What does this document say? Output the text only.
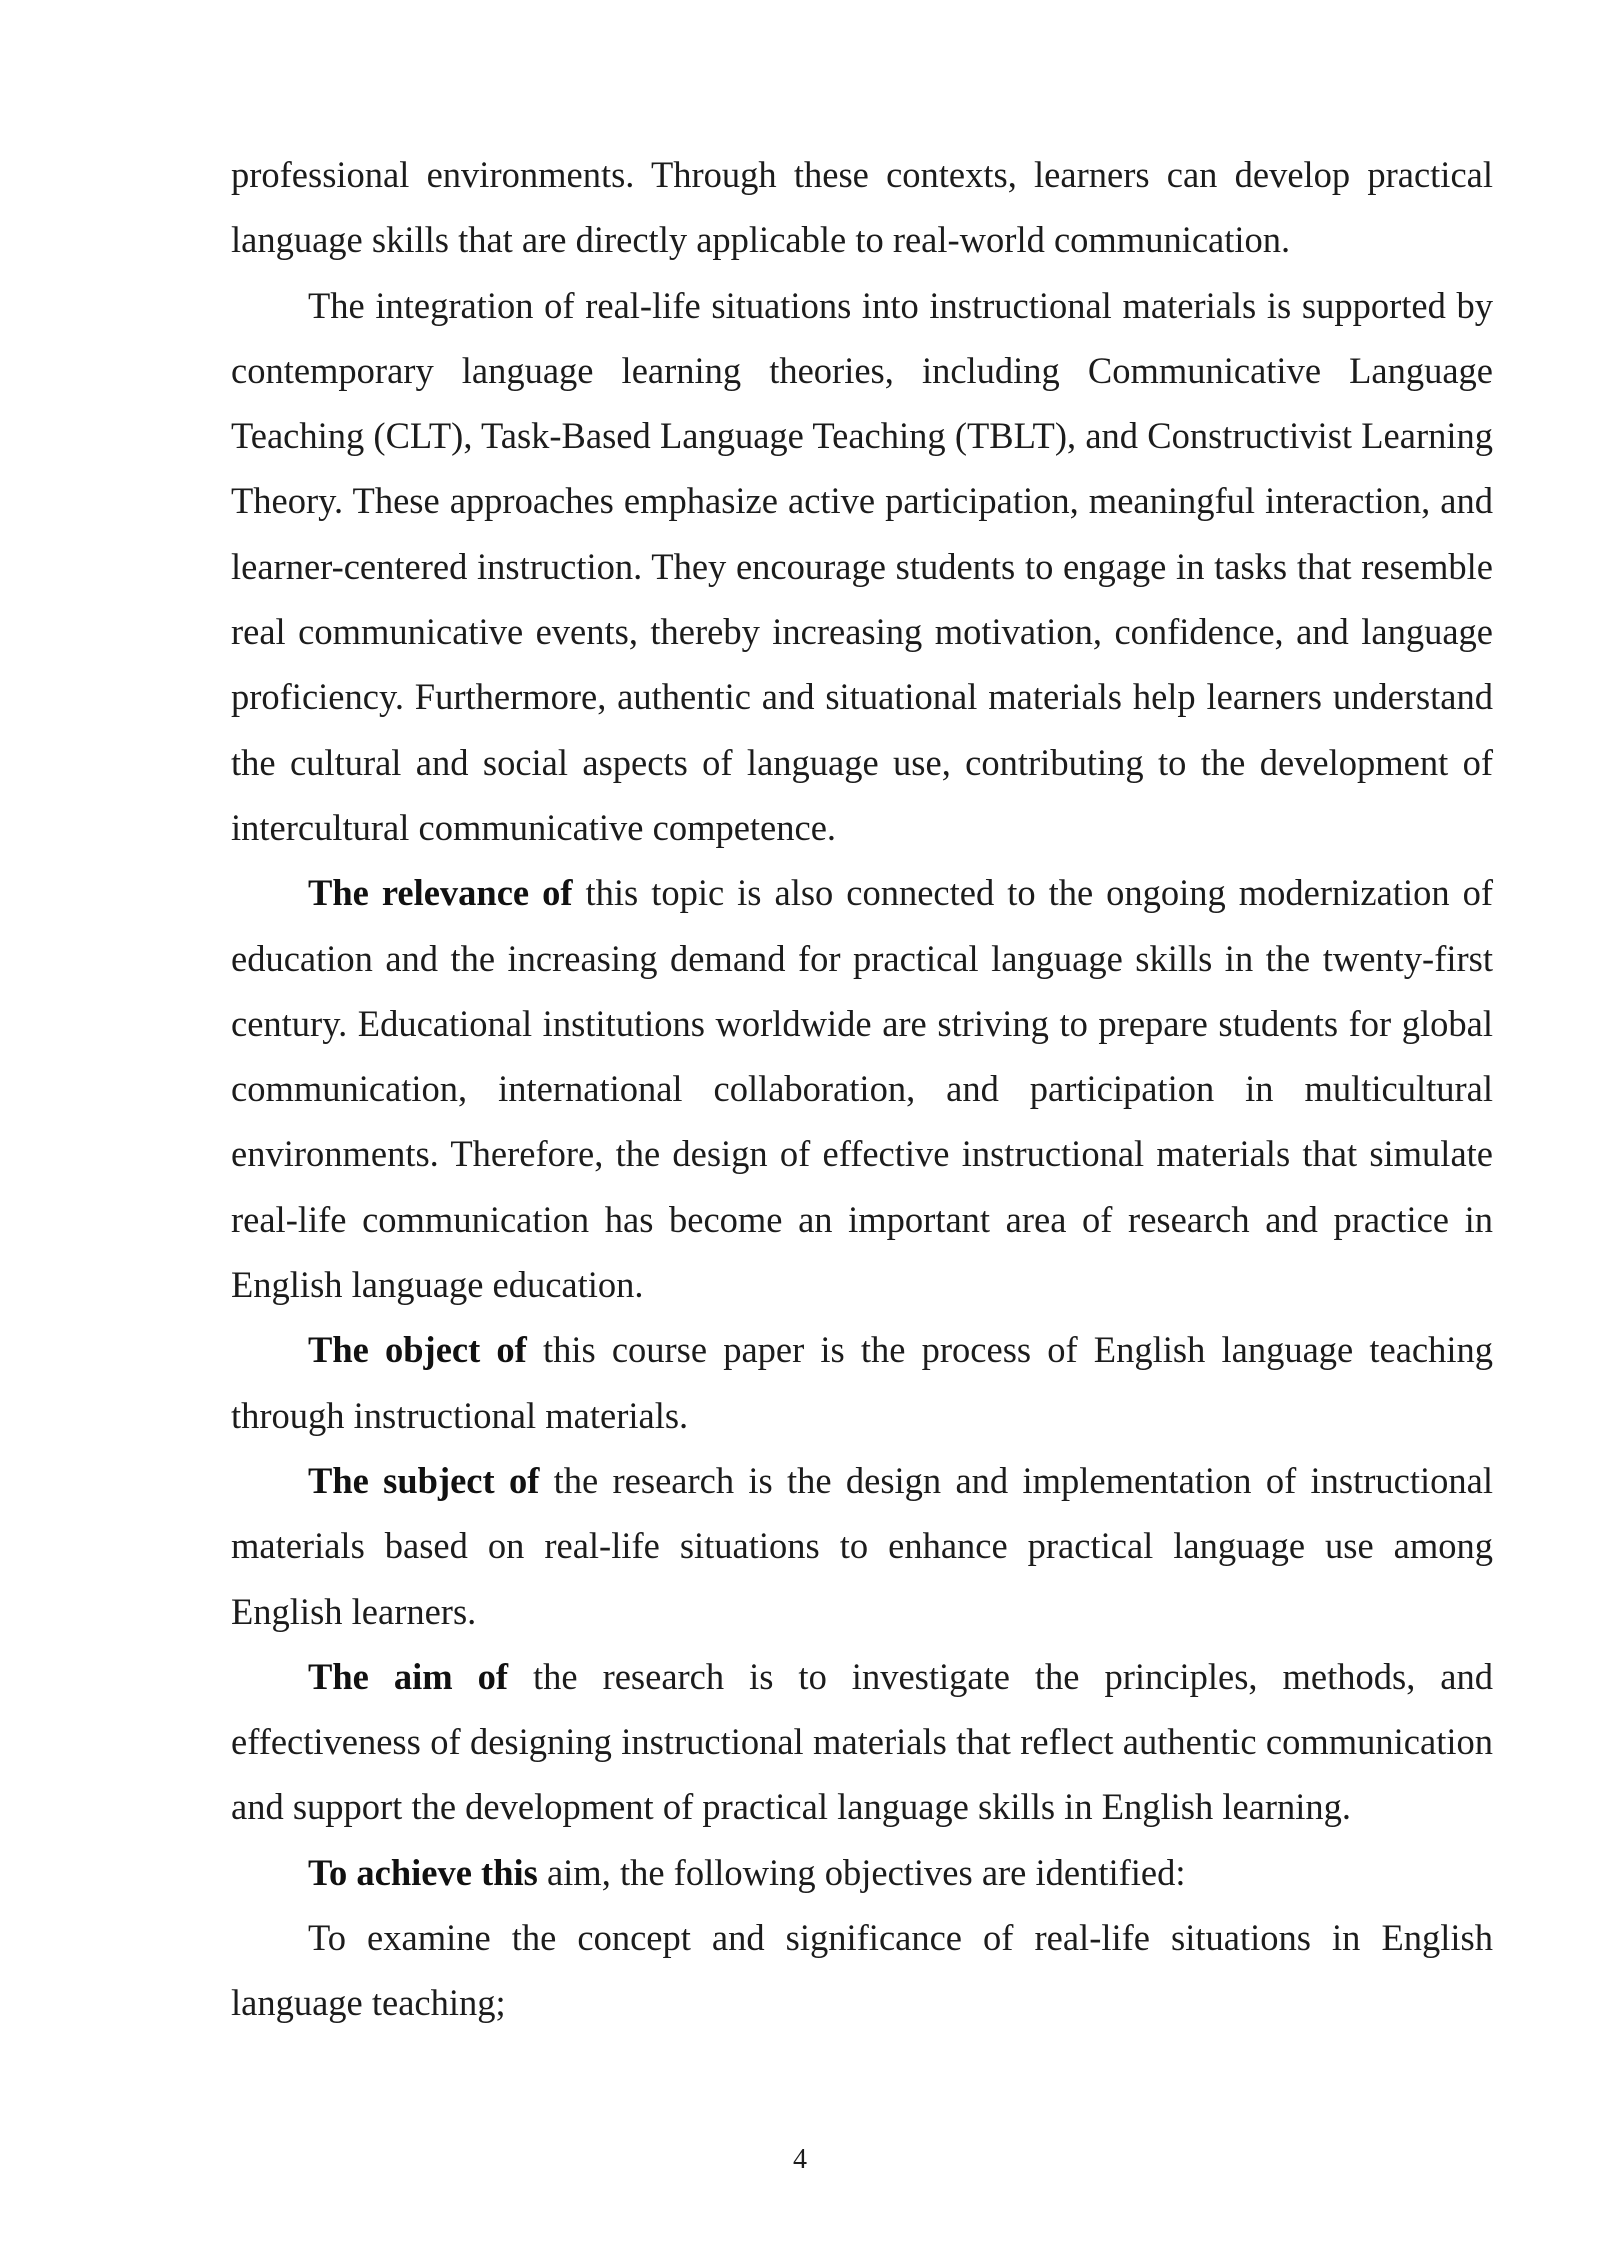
professional environments. Through these contexts, learners can develop practical language skills that are directly applicable to real-world communication.

The integration of real-life situations into instructional materials is supported by contemporary language learning theories, including Communicative Language Teaching (CLT), Task-Based Language Teaching (TBLT), and Constructivist Learning Theory. These approaches emphasize active participation, meaningful interaction, and learner-centered instruction. They encourage students to engage in tasks that resemble real communicative events, thereby increasing motivation, confidence, and language proficiency. Furthermore, authentic and situational materials help learners understand the cultural and social aspects of language use, contributing to the development of intercultural communicative competence.

The relevance of this topic is also connected to the ongoing modernization of education and the increasing demand for practical language skills in the twenty-first century. Educational institutions worldwide are striving to prepare students for global communication, international collaboration, and participation in multicultural environments. Therefore, the design of effective instructional materials that simulate real-life communication has become an important area of research and practice in English language education.

The object of this course paper is the process of English language teaching through instructional materials.

The subject of the research is the design and implementation of instructional materials based on real-life situations to enhance practical language use among English learners.

The aim of the research is to investigate the principles, methods, and effectiveness of designing instructional materials that reflect authentic communication and support the development of practical language skills in English learning.

To achieve this aim, the following objectives are identified:

To examine the concept and significance of real-life situations in English language teaching;

4
